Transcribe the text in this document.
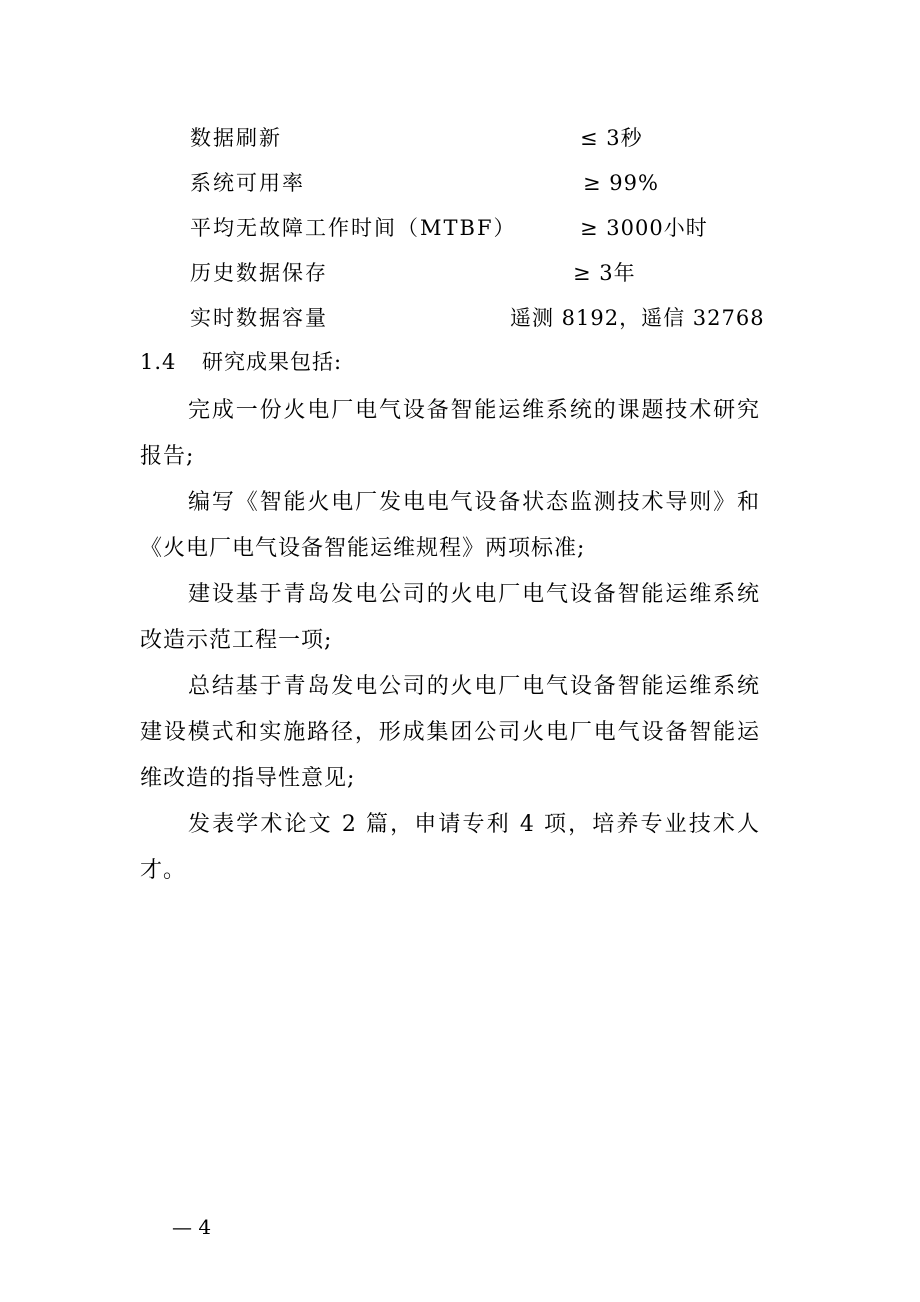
数据刷新	≤ 3秒
系统可用率	≥ 99%
平均无故障工作时间（MTBF）	≥ 3000小时
历史数据保存	≥ 3年
实时数据容量	遥测 8192，遥信 32768
1.4 研究成果包括:

完成一份火电厂电气设备智能运维系统的课题技术研究报告;

编写《智能火电厂发电电气设备状态监测技术导则》和《火电厂电气设备智能运维规程》两项标准;

建设基于青岛发电公司的火电厂电气设备智能运维系统改造示范工程一项;

总结基于青岛发电公司的火电厂电气设备智能运维系统建设模式和实施路径，形成集团公司火电厂电气设备智能运维改造的指导性意见;

发表学术论文 2 篇，申请专利 4 项，培养专业技术人才。

— 4
